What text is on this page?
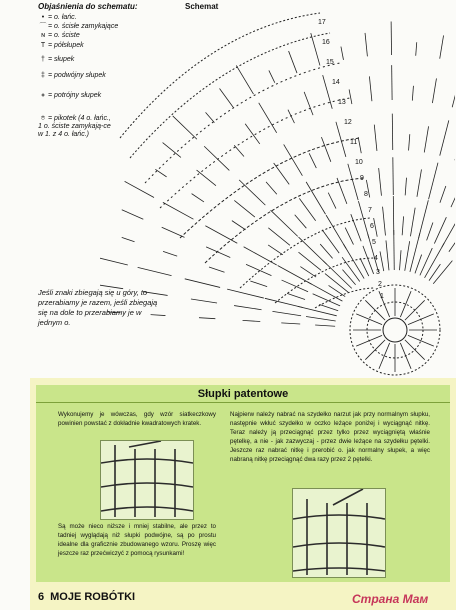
Objaśnienia do schematu:	Schemat
• = o. łańc.
⌒ = o. ścisłe zamykające
ɴ = o. ściste
T = półsłupek
† = słupek
‡ = podwójny słupek
⧧ = potrójny słupek
⌾ = pikotek (4 o. łańc., 1 o. ściste zamykają-ce w 1. z 4 o. łańc.)
17
16
15
14
13
12
11
10
9
8
7
6
5
4
3
2
1
Jeśli znaki zbiegają się u góry, to przerabiamy je razem, jeśli zbiegają się na dole to przerabiamy je w jednym o.
Słupki patentowe
Wykonujemy je wówczas, gdy wzór siatkeczkowy powinien powstać z dokładnie kwadratowych kratek.
Są może nieco niższe i mniej stabilne, ale przez to tadniej wyglądają niż słupki podwójne, są po prostu idealne dla graficznie zbudowanego wzoru. Proszę więc jeszcze raz przećwiczyć z pomocą rysunkami!
Najpierw należy nabrać na szydełko narzut jak przy normalnym słupku, następnie wkłuć szydełko w oczko leżące poniżej i wyciągnąć nitkę. Teraz należy ją przeciągnąć przez tylko przez wyciągniętą właśnie pętelkę, a nie - jak zazwyczaj - przez dwie leżące na szydełku pętelki. Jeszcze raz nabrać nitkę i prerobić o. jak normalny słupek, a więc nabraną nitkę przeciągnąć dwa razy przez 2 pętelki.
6 MOJE ROBÓTKI	Страна Мам
